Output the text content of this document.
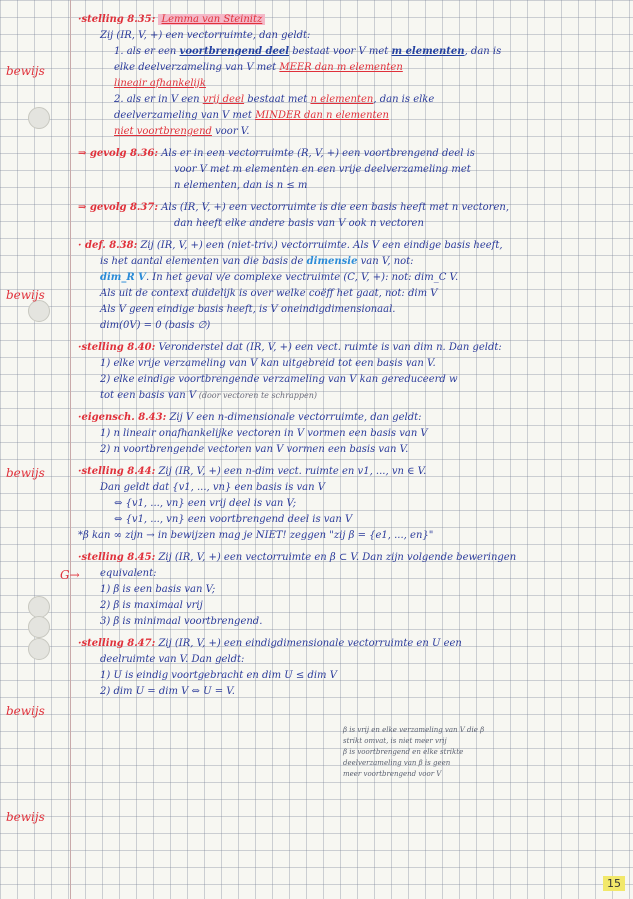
bewijs
bewijs
bewijs
G→
bewijs
bewijs
·stelling 8.35: Lemma van Steinitz
Zij (IR, V, +) een vectorruimte, dan geldt:
1. als er een voortbrengend deel bestaat voor V met m elementen, dan is
elke deelverzameling van V met MEER dan m elementen
lineair afhankelijk
2. als er in V een vrij deel bestaat met n elementen, dan is elke
deelverzameling van V met MINDER dan n elementen
niet voortbrengend voor V.
⇒ gevolg 8.36: Als er in een vectorruimte (R, V, +) een voortbrengend deel is
voor V met m elementen en een vrije deelverzameling met
n elementen, dan is n ≤ m
⇒ gevolg 8.37: Als (IR, V, +) een vectorruimte is die een basis heeft met n vectoren,
dan heeft elke andere basis van V ook n vectoren
· def. 8.38: Zij (IR, V, +) een (niet-triv.) vectorruimte. Als V een eindige basis heeft,
is het aantal elementen van die basis de dimensie van V, not:
dim_R V. In het geval v/e complexe vectruimte (C, V, +): not: dim_C V.
Als uit de context duidelijk is over welke coëff het gaat, not: dim V
Als V geen eindige basis heeft, is V oneindigdimensionaal.
dim(0V) = 0 (basis ∅)
·stelling 8.40: Veronderstel dat (IR, V, +) een vect. ruimte is van dim n. Dan geldt:
1) elke vrije verzameling van V kan uitgebreid tot een basis van V.
2) elke eindige voortbrengende verzameling van V kan gereduceerd w
tot een basis van V (door vectoren te schrappen)
·eigensch. 8.43: Zij V een n-dimensionale vectorruimte, dan geldt:
1) n lineair onafhankelijke vectoren in V vormen een basis van V
2) n voortbrengende vectoren van V vormen een basis van V.
·stelling 8.44: Zij (IR, V, +) een n-dim vect. ruimte en v1, ..., vn ∈ V.
Dan geldt dat {v1, ..., vn} een basis is van V
⇔ {v1, ..., vn} een vrij deel is van V;
⇔ {v1, ..., vn} een voortbrengend deel is van V
*β kan ∞ zijn → in bewijzen mag je NIET! zeggen "zij β = {e1, ..., en}"
·stelling 8.45: Zij (IR, V, +) een vectorruimte en β ⊂ V. Dan zijn volgende beweringen
equivalent:
1) β is een basis van V;
2) β is maximaal vrij
3) β is minimaal voortbrengend.
·stelling 8.47: Zij (IR, V, +) een eindigdimensionale vectorruimte en U een
deelruimte van V. Dan geldt:
1) U is eindig voortgebracht en dim U ≤ dim V
2) dim U = dim V ⇔ U = V.
β is vrij en elke verzameling van V die β
strikt omvat, is niet meer vrij
β is voortbrengend en elke strikte
deelverzameling van β is geen
meer voortbrengend voor V
15
